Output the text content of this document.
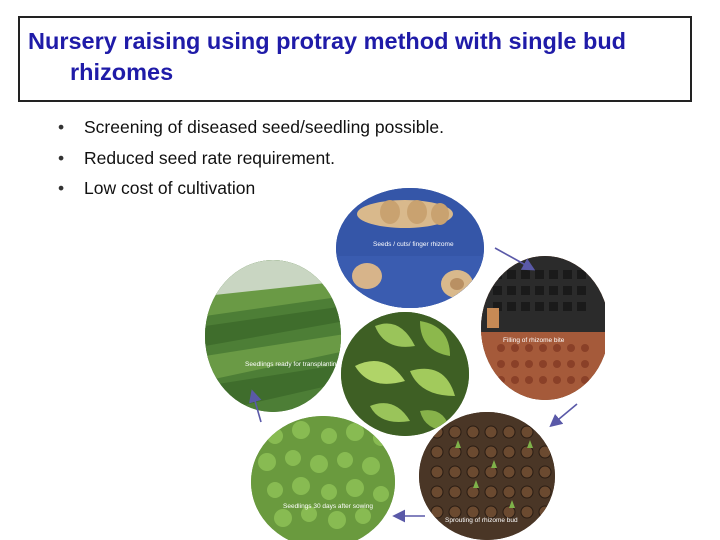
Nursery raising using protray method with single bud
rhizomes
• Screening of diseased seed/seedling possible.
• Reduced seed rate requirement.
• Low cost of cultivation
Seeds / cuts/ finger rhizome
Filling of rhizome bite
Seedlings ready for transplanting
Sprouting of rhizome bud
Seedlings 30 days after sowing
